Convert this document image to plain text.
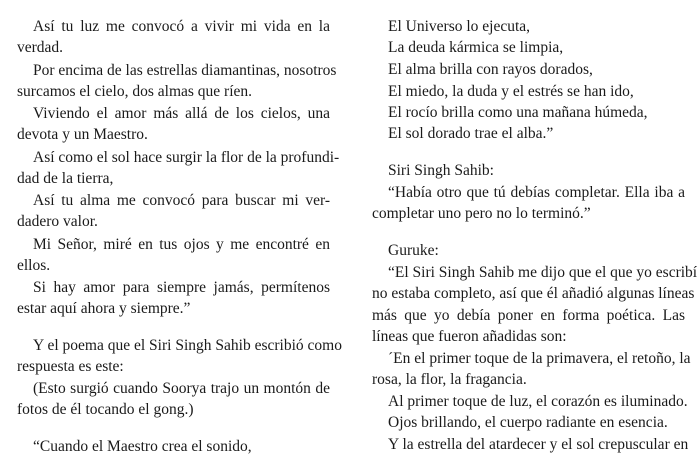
Así tu luz me convocó a vivir mi vida en la
verdad.
Por encima de las estrellas diamantinas, nosotros
surcamos el cielo, dos almas que ríen.
Viviendo el amor más allá de los cielos, una
devota y un Maestro.
Así como el sol hace surgir la flor de la profundi-
dad de la tierra,
Así tu alma me convocó para buscar mi ver-
dadero valor.
Mi Señor, miré en tus ojos y me encontré en
ellos.
Si hay amor para siempre jamás, permítenos
estar aquí ahora y siempre.”
Y el poema que el Siri Singh Sahib escribió como
respuesta es este:
(Esto surgió cuando Soorya trajo un montón de
fotos de él tocando el gong.)
“Cuando el Maestro crea el sonido,
El Universo lo ejecuta,
La deuda kármica se limpia,
El alma brilla con rayos dorados,
El miedo, la duda y el estrés se han ido,
El rocío brilla como una mañana húmeda,
El sol dorado trae el alba.”
Siri Singh Sahib:
“Había otro que tú debías completar. Ella iba a
completar uno pero no lo terminó.”
Guruke:
“El Siri Singh Sahib me dijo que el que yo escribí
no estaba completo, así que él añadió algunas líneas
más que yo debía poner en forma poética. Las
líneas que fueron añadidas son:
´En el primer toque de la primavera, el retoño, la
rosa, la flor, la fragancia.
Al primer toque de luz, el corazón es iluminado.
Ojos brillando, el cuerpo radiante en esencia.
Y la estrella del atardecer y el sol crepuscular en
